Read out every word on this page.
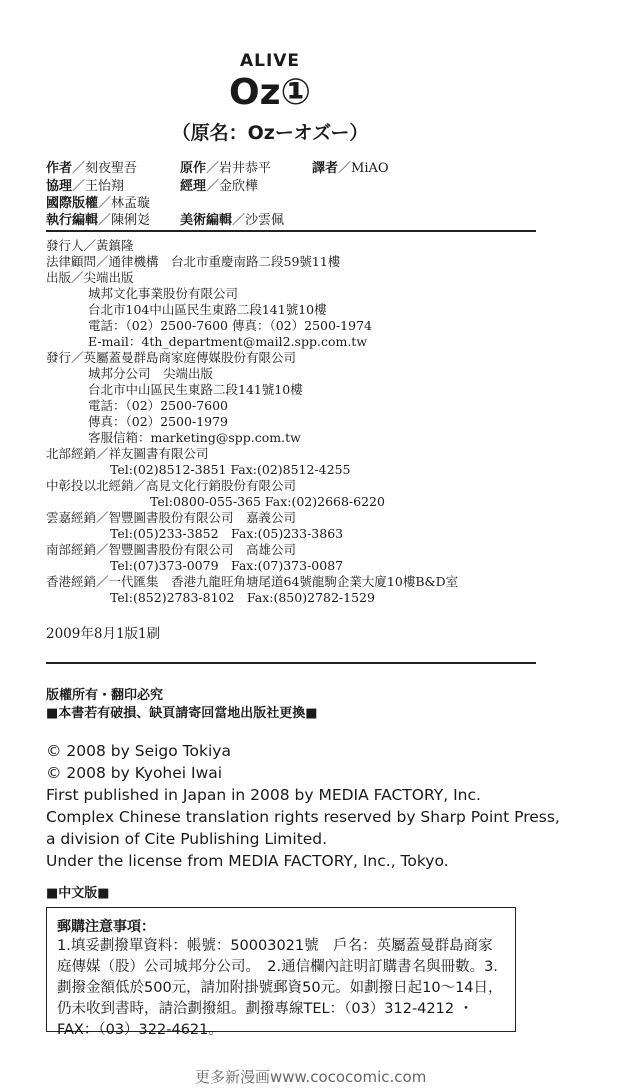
ALIVE
Oz①
（原名：Ozーオズー）
作者／刻夜聖吾	原作／岩井恭平	譯者／MiAO
協理／王怡翔	經理／金欣樺
國際版權／林孟璇
執行編輯／陳俐彣 美術編輯／沙雲佩
發行人／黃鎮隆
法律顧問／通律機構　台北市重慶南路二段59號11樓
出版／尖端出版
城邦文化事業股份有限公司
台北市104中山區民生東路二段141號10樓
電話：（02）2500-7600 傳真：（02）2500-1974
E-mail：4th_department@mail2.spp.com.tw
發行／英屬蓋曼群島商家庭傳媒股份有限公司
城邦分公司　尖端出版
台北市中山區民生東路二段141號10樓
電話：（02）2500-7600
傳真：（02）2500-1979
客服信箱：marketing@spp.com.tw
北部經銷／祥友圖書有限公司
Tel:(02)8512-3851 Fax:(02)8512-4255
中彰投以北經銷／高見文化行銷股份有限公司
Tel:0800-055-365 Fax:(02)2668-6220
雲嘉經銷／智豐圖書股份有限公司　嘉義公司
Tel:(05)233-3852　Fax:(05)233-3863
南部經銷／智豐圖書股份有限公司　高雄公司
Tel:(07)373-0079　Fax:(07)373-0087
香港經銷／一代匯集　香港九龍旺角塘尾道64號龍駒企業大廈10樓B&D室
Tel:(852)2783-8102　Fax:(850)2782-1529
2009年8月1版1刷
版權所有・翻印必究
■本書若有破損、缺頁請寄回當地出版社更換■
© 2008 by Seigo Tokiya
© 2008 by Kyohei Iwai
First published in Japan in 2008 by MEDIA FACTORY, Inc.
Complex Chinese translation rights reserved by Sharp Point Press,
a division of Cite Publishing Limited.
Under the license from MEDIA FACTORY, Inc., Tokyo.
■中文版■
郵購注意事項：
1.填妥劃撥單資料：帳號：50003021號　戶名：英屬蓋曼群島商家庭傳媒（股）公司城邦分公司。　2.通信欄內註明訂購書名與冊數。3.劃撥金額低於500元，請加附掛號郵資50元。如劃撥日起10～14日，仍未收到書時，請洽劃撥組。劃撥專線TEL：（03）312-4212 ・ FAX：（03）322-4621。
更多新漫画www.cococomic.com
